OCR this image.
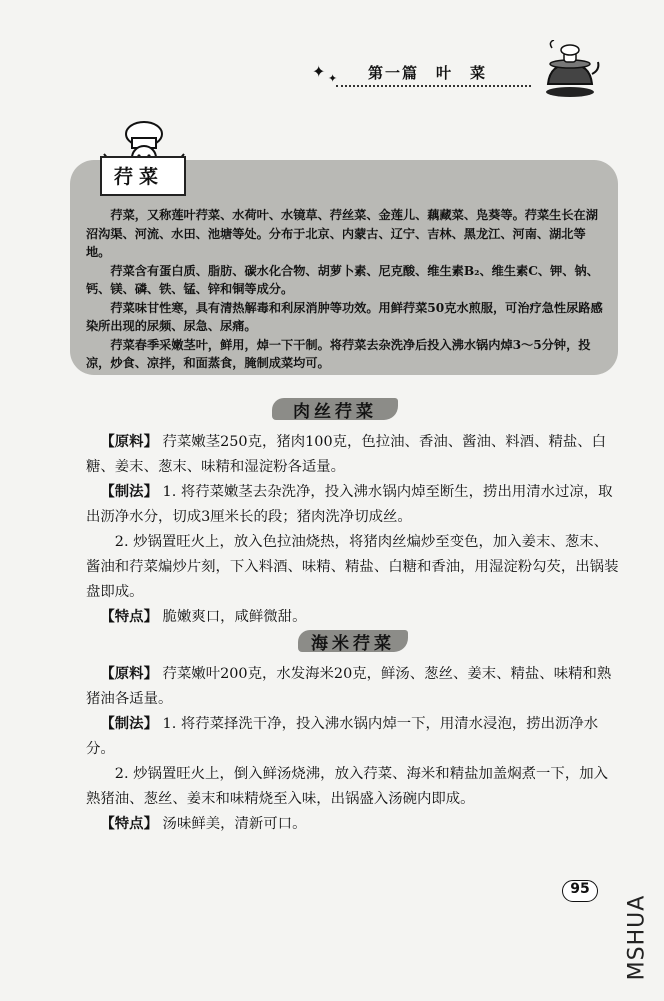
✦ ✦ 第一篇　叶　菜
荇菜

荇菜，又称莲叶荇菜、水荷叶、水镜草、荇丝菜、金莲儿、藕藏菜、凫葵等。荇菜生长在湖沼沟渠、河流、水田、池塘等处。分布于北京、内蒙古、辽宁、吉林、黑龙江、河南、湖北等地。

荇菜含有蛋白质、脂肪、碳水化合物、胡萝卜素、尼克酸、维生素B₂、维生素C、钾、钠、钙、镁、磷、铁、锰、锌和铜等成分。

荇菜味甘性寒，具有清热解毒和利尿消肿等功效。用鲜荇菜50克水煎服，可治疗急性尿路感染所出现的尿频、尿急、尿痛。

荇菜春季采嫩茎叶，鲜用，焯一下干制。将荇菜去杂洗净后投入沸水锅内焯3～5分钟，投凉，炒食、凉拌，和面蒸食，腌制成菜均可。

肉丝荇菜

【原料】 荇菜嫩茎250克，猪肉100克，色拉油、香油、酱油、料酒、精盐、白糖、姜末、葱末、味精和湿淀粉各适量。

【制法】 1. 将荇菜嫩茎去杂洗净，投入沸水锅内焯至断生，捞出用清水过凉，取出沥净水分，切成3厘米长的段；猪肉洗净切成丝。

2. 炒锅置旺火上，放入色拉油烧热，将猪肉丝煸炒至变色，加入姜末、葱末、酱油和荇菜煸炒片刻，下入料酒、味精、精盐、白糖和香油，用湿淀粉勾芡，出锅装盘即成。

【特点】 脆嫩爽口，咸鲜微甜。

海米荇菜

【原料】 荇菜嫩叶200克，水发海米20克，鲜汤、葱丝、姜末、精盐、味精和熟猪油各适量。

【制法】 1. 将荇菜择洗干净，投入沸水锅内焯一下，用清水浸泡，捞出沥净水分。

2. 炒锅置旺火上，倒入鲜汤烧沸，放入荇菜、海米和精盐加盖焖煮一下，加入熟猪油、葱丝、姜末和味精烧至入味，出锅盛入汤碗内即成。

【特点】 汤味鲜美，清新可口。

95
MSHUA
